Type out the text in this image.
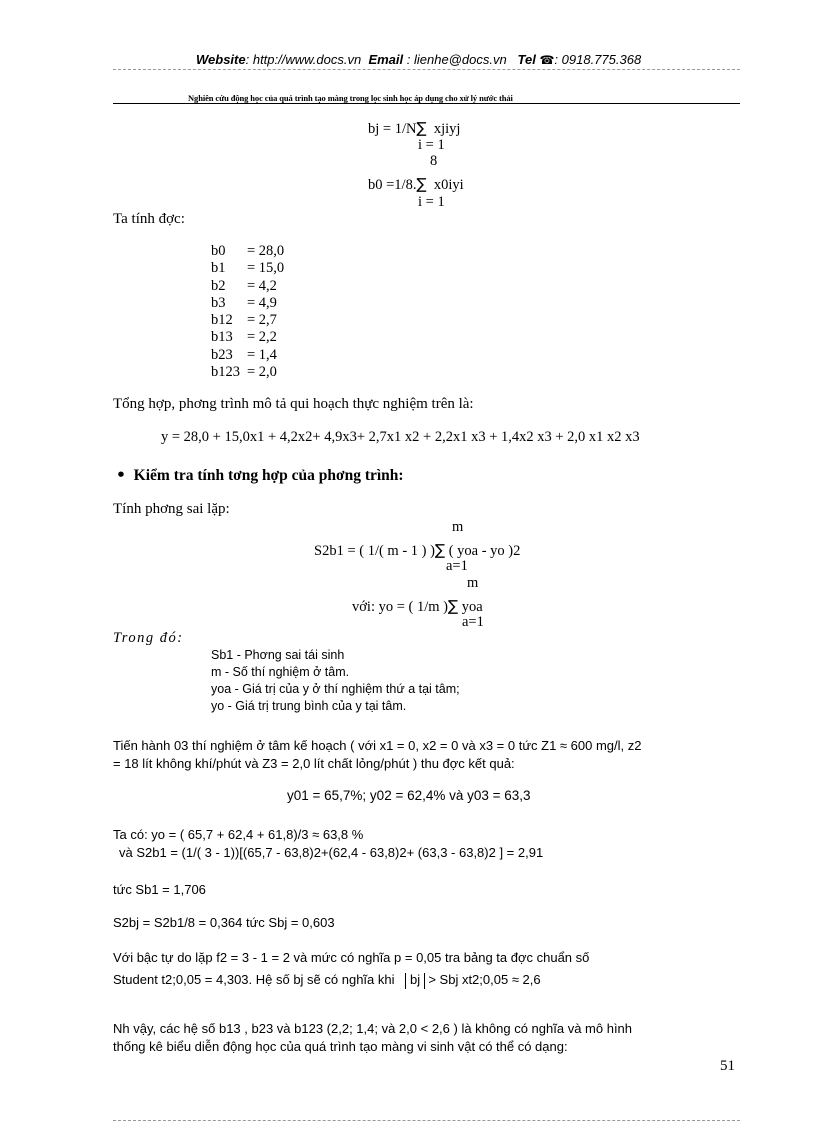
Website: http://www.docs.vn Email : lienhe@docs.vn Tel ☎: 0918.775.368
Nghiên cứu động học của quá trình tạo màng trong lọc sinh học áp dụng cho xử lý nước thải
bj = 1/N∑ xjiyj
i = 1
8
b0 =1/8.∑ x0iyi
i = 1
Ta tính đợc:
b0 = 28,0
b1 = 15,0
b2 = 4,2
b3 = 4,9
b12 = 2,7
b13 = 2,2
b23 = 1,4
b123 = 2,0
Tổng hợp, phơng trình mô tả qui hoạch thực nghiệm trên là:
y = 28,0 + 15,0x1 + 4,2x2+ 4,9x3+ 2,7x1 x2 + 2,2x1 x3 + 1,4x2 x3 + 2,0 x1 x2 x3
• Kiểm tra tính tơng hợp của phơng trình:
Tính phơng sai lặp:
m
S2b1 = ( 1/( m - 1 ) )∑ ( yoa - yo )2
a=1
m
với: yo = ( 1/m )∑ yoa
a=1
Trong đó:
Sb1 - Phơng sai tái sinh
m - Số thí nghiệm ở tâm.
yoa - Giá trị của y ở thí nghiệm thứ a tại tâm;
yo - Giá trị trung bình của y tại tâm.
Tiến hành 03 thí nghiệm ở tâm kế hoạch ( với x1 = 0, x2 = 0 và x3 = 0 tức Z1 ≈ 600 mg/l, z2
= 18 lít không khí/phút và Z3 = 2,0 lít chất lỏng/phút ) thu đợc kết quả:
y01 = 65,7%; y02 = 62,4% và y03 = 63,3
Ta có: yo = ( 65,7 + 62,4 + 61,8)/3 ≈ 63,8 %
và S2b1 = (1/( 3 - 1))[(65,7 - 63,8)2+(62,4 - 63,8)2+ (63,3 - 63,8)2 ] = 2,91
tức Sb1 = 1,706
S2bj = S2b1/8 = 0,364 tức Sbj = 0,603
Với bậc tự do lặp f2 = 3 - 1 = 2 và mức có nghĩa p = 0,05 tra bảng ta đợc chuẩn số
Student t2;0,05 = 4,303. Hệ số bj sẽ có nghĩa khi bj > Sbj xt2;0,05 ≈ 2,6
Nh vậy, các hệ số b13 , b23 và b123 (2,2; 1,4; và 2,0 < 2,6 ) là không có nghĩa và mô hình
thống kê biểu diễn động học của quá trình tạo màng vi sinh vật có thể có dạng:
51
